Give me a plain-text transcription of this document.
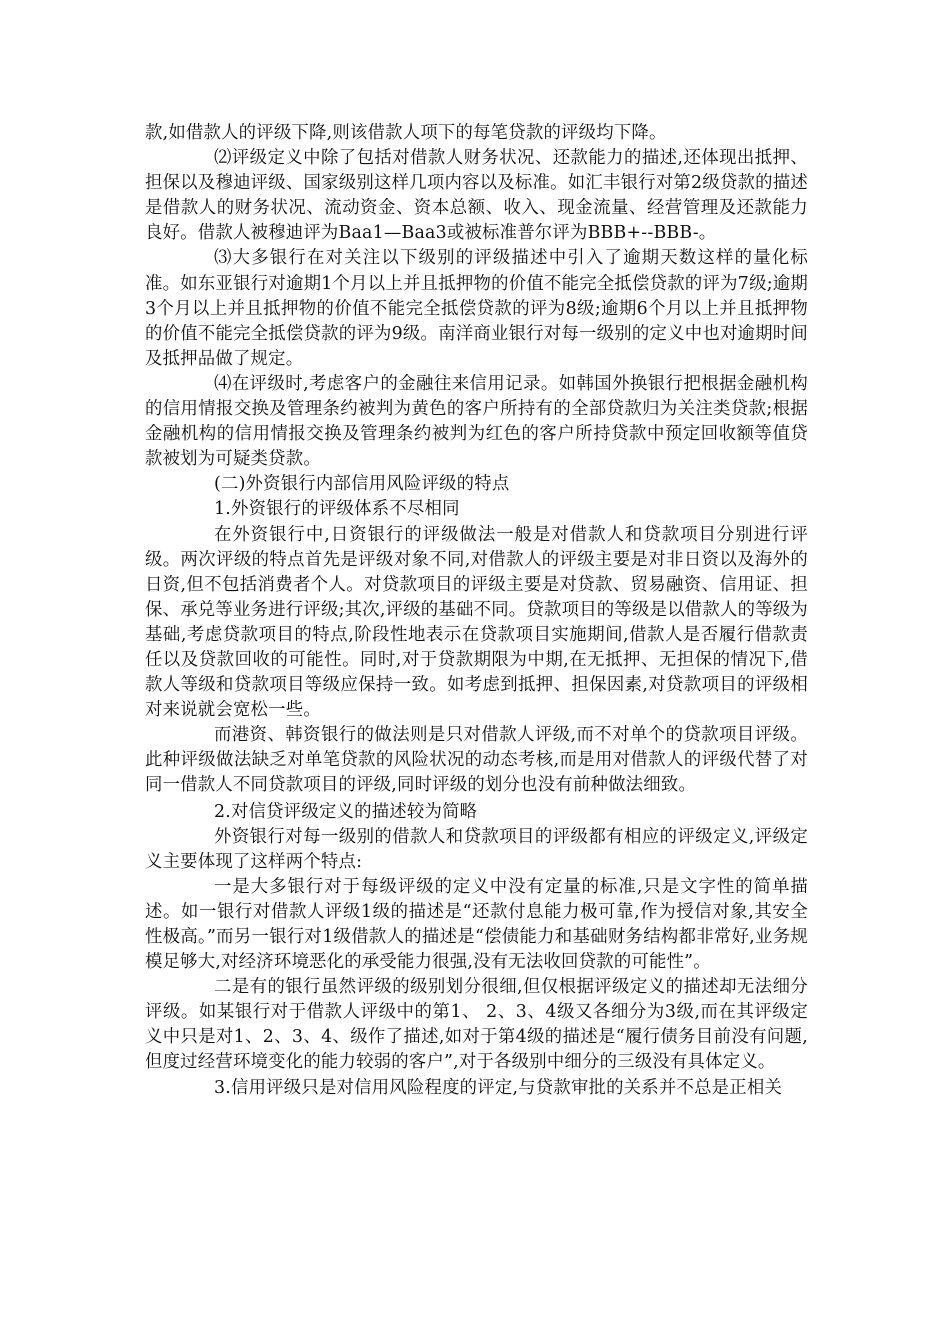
款,如借款人的评级下降,则该借款人项下的每笔贷款的评级均下降。

⑵评级定义中除了包括对借款人财务状况、还款能力的描述,还体现出抵押、担保以及穆迪评级、国家级别这样几项内容以及标准。如汇丰银行对第2级贷款的描述是借款人的财务状况、流动资金、资本总额、收入、现金流量、经营管理及还款能力良好。借款人被穆迪评为Baa1—Baa3或被标准普尔评为BBB+--BBB-。

⑶大多银行在对关注以下级别的评级描述中引入了逾期天数这样的量化标准。如东亚银行对逾期1个月以上并且抵押物的价值不能完全抵偿贷款的评为7级;逾期3个月以上并且抵押物的价值不能完全抵偿贷款的评为8级;逾期6个月以上并且抵押物的价值不能完全抵偿贷款的评为9级。南洋商业银行对每一级别的定义中也对逾期时间及抵押品做了规定。

⑷在评级时,考虑客户的金融往来信用记录。如韩国外换银行把根据金融机构的信用情报交换及管理条约被判为黄色的客户所持有的全部贷款归为关注类贷款;根据金融机构的信用情报交换及管理条约被判为红色的客户所持贷款中预定回收额等值贷款被划为可疑类贷款。

(二)外资银行内部信用风险评级的特点

1.外资银行的评级体系不尽相同

在外资银行中,日资银行的评级做法一般是对借款人和贷款项目分别进行评级。两次评级的特点首先是评级对象不同,对借款人的评级主要是对非日资以及海外的日资,但不包括消费者个人。对贷款项目的评级主要是对贷款、贸易融资、信用证、担保、承兑等业务进行评级;其次,评级的基础不同。贷款项目的等级是以借款人的等级为基础,考虑贷款项目的特点,阶段性地表示在贷款项目实施期间,借款人是否履行借款责任以及贷款回收的可能性。同时,对于贷款期限为中期,在无抵押、无担保的情况下,借款人等级和贷款项目等级应保持一致。如考虑到抵押、担保因素,对贷款项目的评级相对来说就会宽松一些。

而港资、韩资银行的做法则是只对借款人评级,而不对单个的贷款项目评级。此种评级做法缺乏对单笔贷款的风险状况的动态考核,而是用对借款人的评级代替了对同一借款人不同贷款项目的评级,同时评级的划分也没有前种做法细致。

2.对信贷评级定义的描述较为简略

外资银行对每一级别的借款人和贷款项目的评级都有相应的评级定义,评级定义主要体现了这样两个特点:

一是大多银行对于每级评级的定义中没有定量的标准,只是文字性的简单描述。如一银行对借款人评级1级的描述是“还款付息能力极可靠,作为授信对象,其安全性极高。”而另一银行对1级借款人的描述是“偿债能力和基础财务结构都非常好,业务规模足够大,对经济环境恶化的承受能力很强,没有无法收回贷款的可能性”。

二是有的银行虽然评级的级别划分很细,但仅根据评级定义的描述却无法细分评级。如某银行对于借款人评级中的第1、 2、3、4级又各细分为3级,而在其评级定义中只是对1、2、3、4、级作了描述,如对于第4级的描述是“履行债务目前没有问题,但度过经营环境变化的能力较弱的客户”,对于各级别中细分的三级没有具体定义。

3.信用评级只是对信用风险程度的评定,与贷款审批的关系并不总是正相关
